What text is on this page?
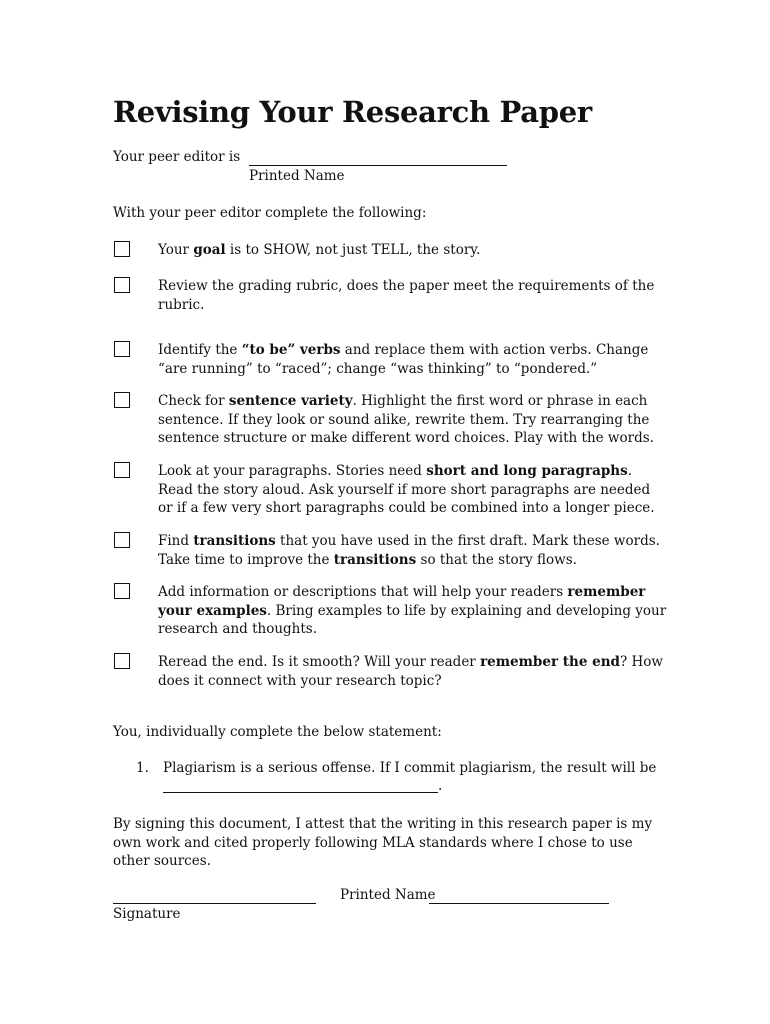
Revising Your Research Paper
Your peer editor is
Printed Name
With your peer editor complete the following:
Your goal is to SHOW, not just TELL, the story.
Review the grading rubric, does the paper meet the requirements of the rubric.
Identify the “to be” verbs and replace them with action verbs. Change “are running” to “raced”; change “was thinking” to “pondered.”
Check for sentence variety. Highlight the first word or phrase in each sentence. If they look or sound alike, rewrite them. Try rearranging the sentence structure or make different word choices. Play with the words.
Look at your paragraphs. Stories need short and long paragraphs. Read the story aloud. Ask yourself if more short paragraphs are needed or if a few very short paragraphs could be combined into a longer piece.
Find transitions that you have used in the first draft. Mark these words. Take time to improve the transitions so that the story flows.
Add information or descriptions that will help your readers remember your examples. Bring examples to life by explaining and developing your research and thoughts.
Reread the end. Is it smooth? Will your reader remember the end? How does it connect with your research topic?
You, individually complete the below statement:
1. Plagiarism is a serious offense. If I commit plagiarism, the result will be
.
By signing this document, I attest that the writing in this research paper is my own work and cited properly following MLA standards where I chose to use other sources.
Signature
Printed Name
